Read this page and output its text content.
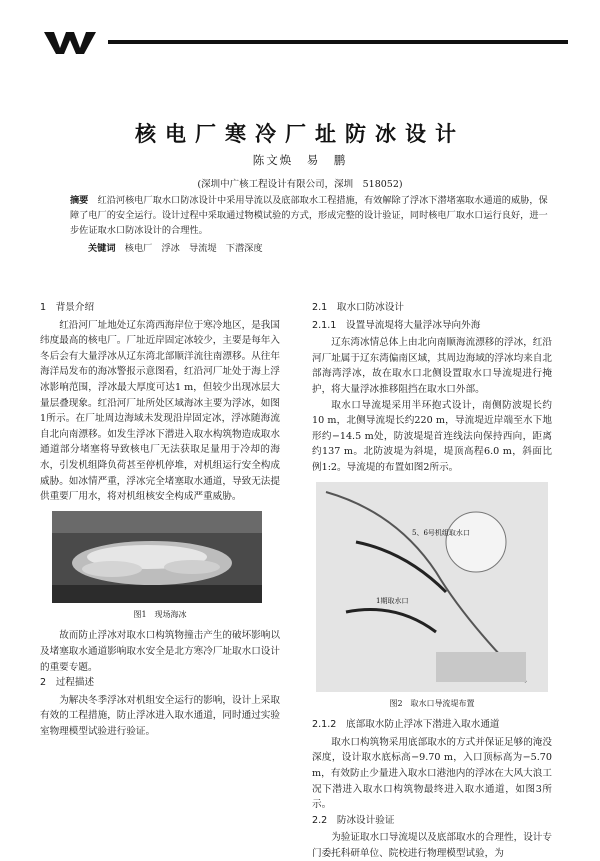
核电厂寒冷厂址防冰设计
陈文焕　易　鹏
(深圳中广核工程设计有限公司，深圳　518052)
摘要　 红沿河核电厂取水口防冰设计中采用导流以及底部取水工程措施，有效解除了浮冰下潜堵塞取水通道的威胁，保障了电厂的安全运行。设计过程中采取通过物模试验的方式，形成完整的设计验证，同时核电厂取水口运行良好，进一步佐证取水口防冰设计的合理性。
关键词　 核电厂　浮冰　导流堤　下潜深度
1　背景介绍

红沿河厂址地处辽东湾西海岸位于寒冷地区，是我国纬度最高的核电厂。厂址近岸固定冰较少，主要是每年入冬后会有大量浮冰从辽东湾北部顺洋流往南漂移。从往年海洋局发布的海冰警报示意图看，红沿河厂址处于海上浮冰影响范围，浮冰最大厚度可达1 m，但较少出现冰层大量层叠现象。红沿河厂址所处区域海冰主要为浮冰，如图1所示。在厂址周边海域未发现沿岸固定冰，浮冰随海流自北向南漂移。如发生浮冰下潜进入取水构筑物造成取水通道部分堵塞将导致核电厂无法获取足量用于冷却的海水，引发机组降负荷甚至停机停堆，对机组运行安全构成威胁。如冰情严重，浮冰完全堵塞取水通道，导致无法提供重要厂用水，将对机组核安全构成严重威胁。

图1　现场海冰

故而防止浮冰对取水口构筑物撞击产生的破坏影响以及堵塞取水通道影响取水安全是北方寒冷厂址取水口设计的重要专题。

2　过程描述

为解决冬季浮冰对机组安全运行的影响，设计上采取有效的工程措施，防止浮冰进入取水通道，同时通过实验室物理模型试验进行验证。

2.1　取水口防冰设计
2.1.1　设置导流堤将大量浮冰导向外海

辽东湾冰情总体上由北向南顺海流漂移的浮冰，红沿河厂址属于辽东湾偏南区域，其周边海域的浮冰均来自北部海湾浮冰，故在取水口北侧设置取水口导流堤进行掩护，将大量浮冰推移阻挡在取水口外部。

取水口导流堤采用半环抱式设计，南侧防波堤长约10 m，北侧导流堤长约220 m，导流堤近岸端至水下地形约−14.5 m处，防波堤堤首连线法向保持西向，距离约137 m。北防波堤为斜堤，堤顶高程6.0 m，斜面比例1:2。导流堤的布置如图2所示。

5、6号机组取水口
1期取水口
图2　取水口导流堤布置
2.1.2　底部取水防止浮冰下潜进入取水通道

取水口构筑物采用底部取水的方式并保证足够的淹没深度，设计取水底标高−9.70 m，入口顶标高为−5.70 m，有效防止少量进入取水口港池内的浮冰在大风大浪工况下潜进入取水口构筑物最终进入取水通道，如图3所示。

2.2　防冰设计验证

为验证取水口导流堤以及底部取水的合理性，设计专门委托科研单位、院校进行物理模型试验，为
